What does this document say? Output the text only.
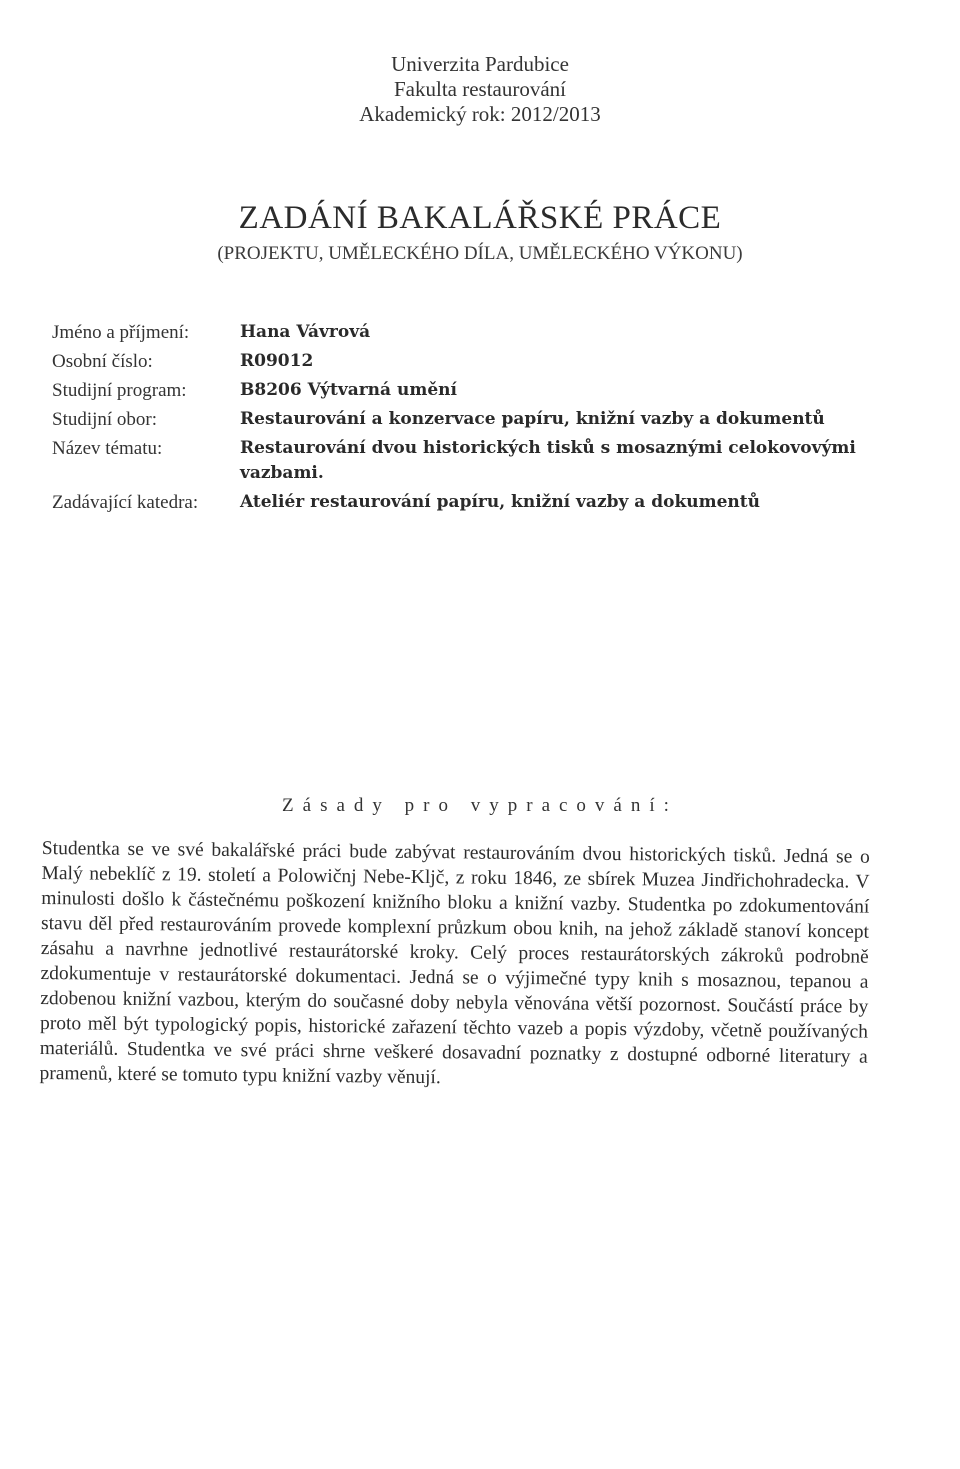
Univerzita Pardubice
Fakulta restaurování
Akademický rok: 2012/2013
ZADÁNÍ BAKALÁŘSKÉ PRÁCE
(PROJEKTU, UMĚLECKÉHO DÍLA, UMĚLECKÉHO VÝKONU)
Jméno a příjmení:	Hana Vávrová
Osobní číslo:	R09012
Studijní program:	B8206 Výtvarná umění
Studijní obor:	Restaurování a konzervace papíru, knižní vazby a dokumentů
Název tématu:	Restaurování dvou historických tisků s mosaznými celokovovými vazbami.
Zadávající katedra:	Ateliér restaurování papíru, knižní vazby a dokumentů
Zásady pro vypracování:
Studentka se ve své bakalářské práci bude zabývat restaurováním dvou historických tisků. Jedná se o Malý nebeklíč z 19. století a Polowičnj Nebe-Kljč, z roku 1846, ze sbírek Muzea Jindřichohradecka. V minulosti došlo k částečnému poškození knižního bloku a knižní vazby. Studentka po zdokumentování stavu děl před restaurováním provede komplexní průzkum obou knih, na jehož základě stanoví koncept zásahu a navrhne jednotlivé restaurátorské kroky. Celý proces restaurátorských zákroků podrobně zdokumentuje v restaurátorské dokumentaci. Jedná se o výjimečné typy knih s mosaznou, tepanou a zdobenou knižní vazbou, kterým do současné doby nebyla věnována větší pozornost. Součástí práce by proto měl být typologický popis, historické zařazení těchto vazeb a popis výzdoby, včetně používaných materiálů. Studentka ve své práci shrne veškeré dosavadní poznatky z dostupné odborné literatury a pramenů, které se tomuto typu knižní vazby věnují.
